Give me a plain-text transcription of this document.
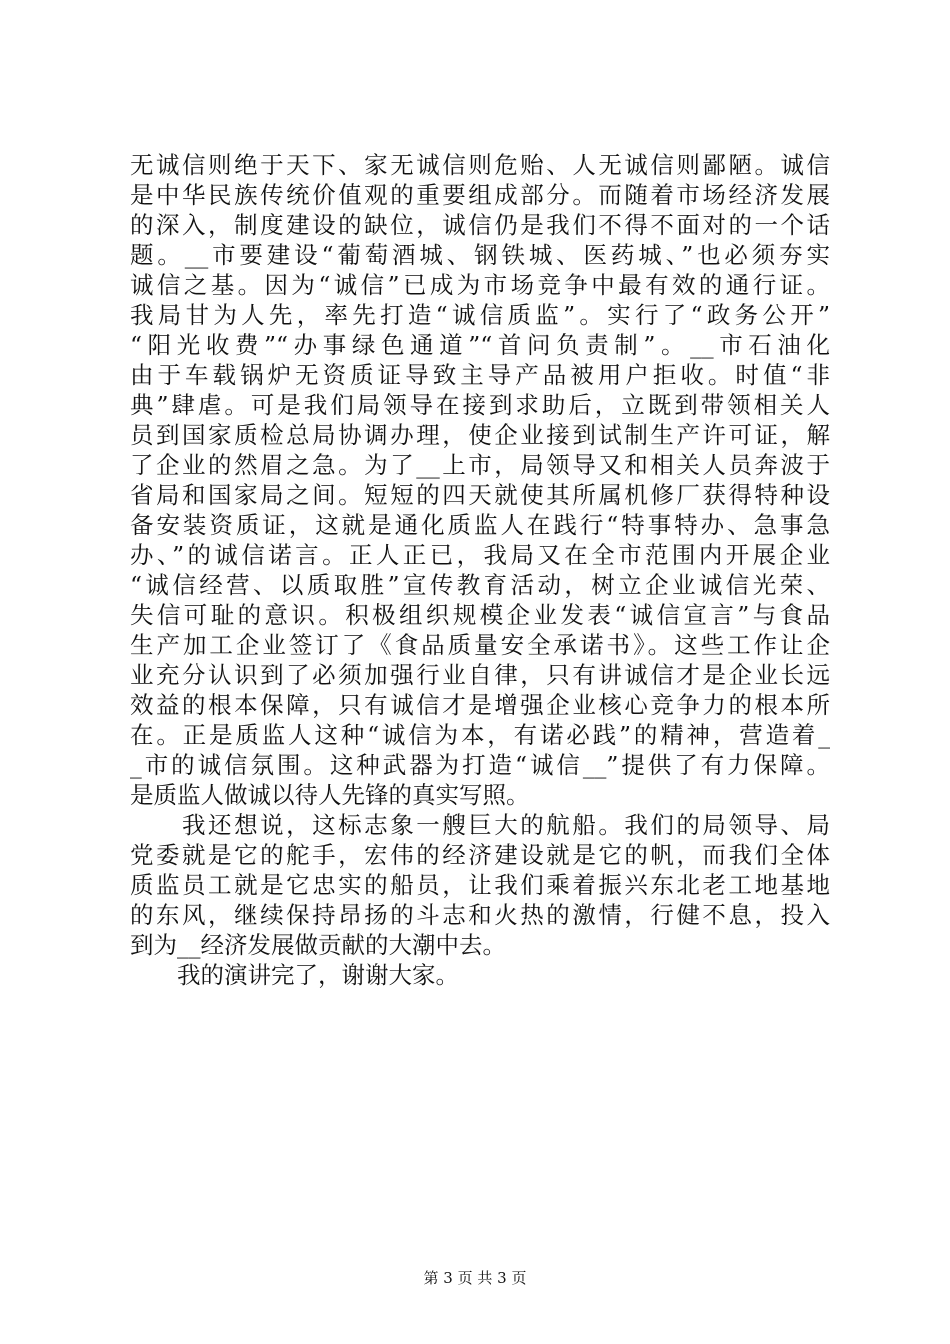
无诚信则绝于天下、家无诚信则危贻、人无诚信则鄙陋。诚信
是中华民族传统价值观的重要组成部分。而随着市场经济发展
的深入，制度建设的缺位，诚信仍是我们不得不面对的一个话
题。__市要建设“葡萄酒城、钢铁城、医药城、”也必须夯实
诚信之基。因为“诚信”已成为市场竞争中最有效的通行证。
我局甘为人先，率先打造“诚信质监”。实行了“政务公开”
“阳光收费”“办事绿色通道”“首问负责制”。__市石油化
由于车载锅炉无资质证导致主导产品被用户拒收。时值“非
典”肆虐。可是我们局领导在接到求助后，立既到带领相关人
员到国家质检总局协调办理，使企业接到试制生产许可证，解
了企业的然眉之急。为了__上市，局领导又和相关人员奔波于
省局和国家局之间。短短的四天就使其所属机修厂获得特种设
备安装资质证，这就是通化质监人在践行“特事特办、急事急
办、”的诚信诺言。正人正已，我局又在全市范围内开展企业
“诚信经营、以质取胜”宣传教育活动，树立企业诚信光荣、
失信可耻的意识。积极组织规模企业发表“诚信宣言”与食品
生产加工企业签订了《食品质量安全承诺书》。这些工作让企
业充分认识到了必须加强行业自律，只有讲诚信才是企业长远
效益的根本保障，只有诚信才是增强企业核心竞争力的根本所
在。正是质监人这种“诚信为本，有诺必践”的精神，营造着_
_市的诚信氛围。这种武器为打造“诚信__”提供了有力保障。
是质监人做诚以待人先锋的真实写照。
　　我还想说，这标志象一艘巨大的航船。我们的局领导、局
党委就是它的舵手，宏伟的经济建设就是它的帆，而我们全体
质监员工就是它忠实的船员，让我们乘着振兴东北老工地基地
的东风，继续保持昂扬的斗志和火热的激情，行健不息，投入
到为__经济发展做贡献的大潮中去。
　　我的演讲完了，谢谢大家。
第 3 页 共 3 页
